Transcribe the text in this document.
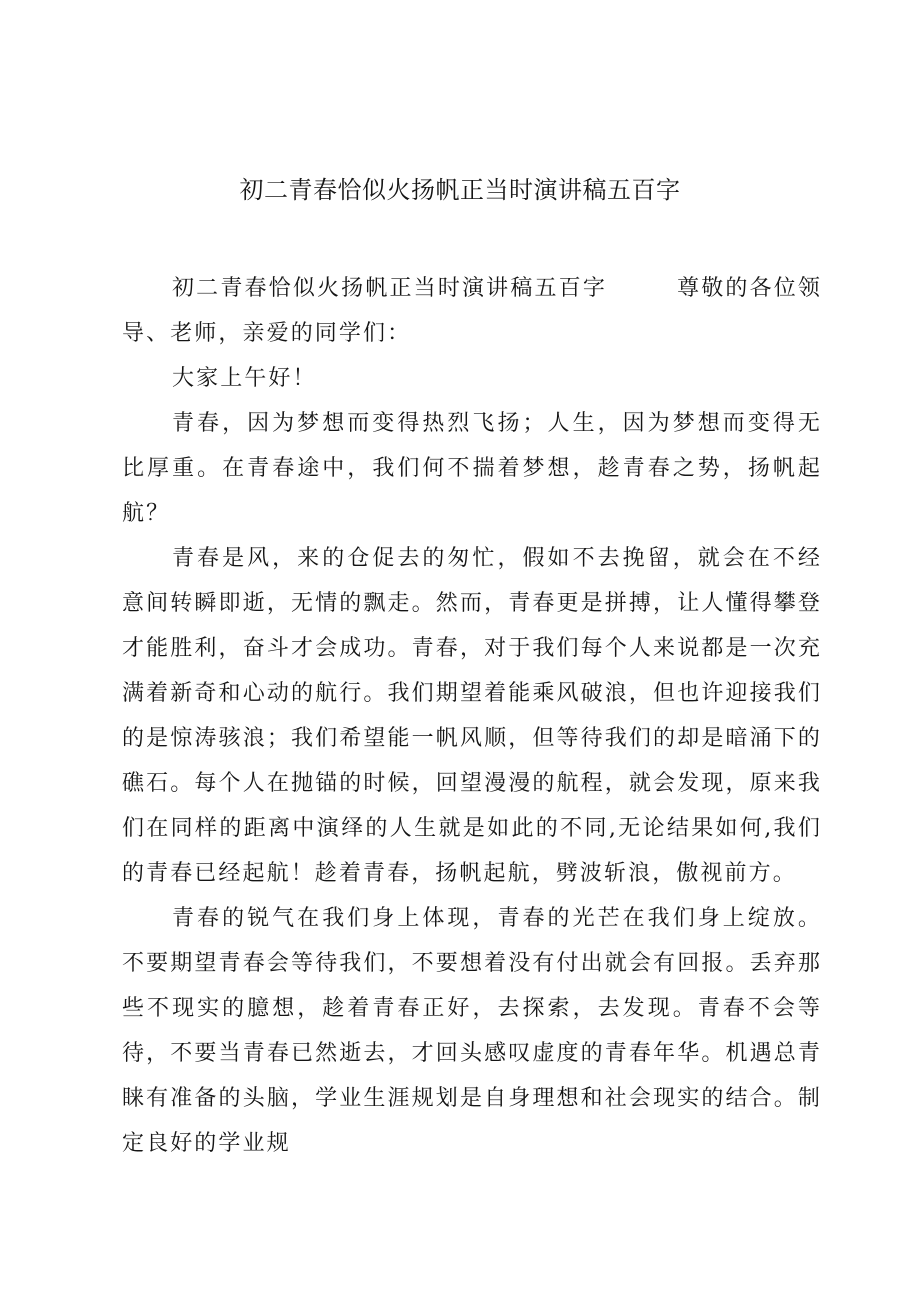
初二青春恰似火扬帆正当时演讲稿五百字

初二青春恰似火扬帆正当时演讲稿五百字	尊敬的各位领导、老师，亲爱的同学们：

大家上午好！

青春，因为梦想而变得热烈飞扬；人生，因为梦想而变得无比厚重。在青春途中，我们何不揣着梦想，趁青春之势，扬帆起航？

青春是风，来的仓促去的匆忙，假如不去挽留，就会在不经意间转瞬即逝，无情的飘走。然而，青春更是拼搏，让人懂得攀登才能胜利，奋斗才会成功。青春，对于我们每个人来说都是一次充满着新奇和心动的航行。我们期望着能乘风破浪，但也许迎接我们的是惊涛骇浪；我们希望能一帆风顺，但等待我们的却是暗涌下的礁石。每个人在抛锚的时候，回望漫漫的航程，就会发现，原来我们在同样的距离中演绎的人生就是如此的不同,无论结果如何,我们的青春已经起航！趁着青春，扬帆起航，劈波斩浪，傲视前方。

青春的锐气在我们身上体现，青春的光芒在我们身上绽放。不要期望青春会等待我们，不要想着没有付出就会有回报。丢弃那些不现实的臆想，趁着青春正好，去探索，去发现。青春不会等待，不要当青春已然逝去，才回头感叹虚度的青春年华。机遇总青睐有准备的头脑，学业生涯规划是自身理想和社会现实的结合。制定良好的学业规
